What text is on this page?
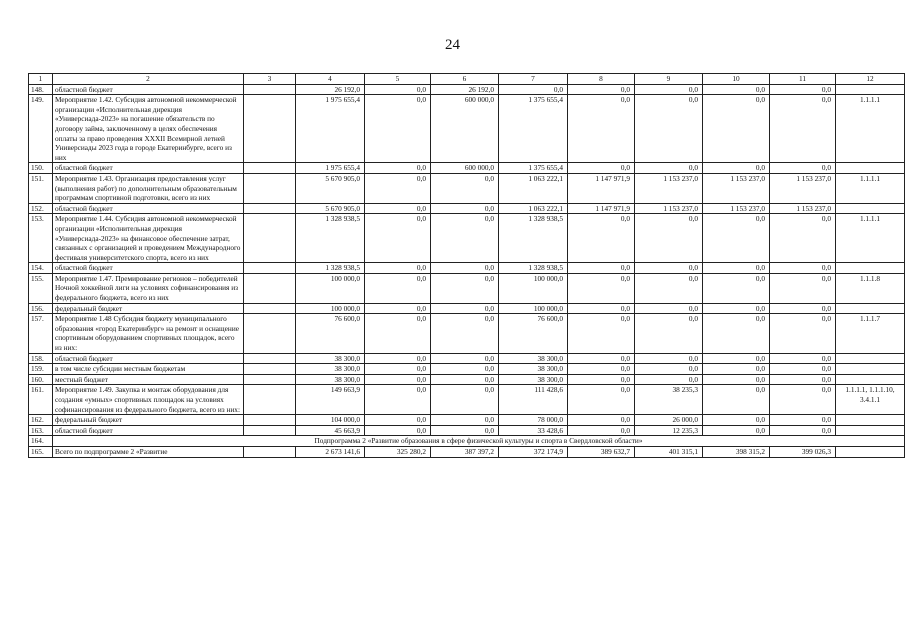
24
1	2	3	4	5	6	7	8	9	10	11	12
148.	областной бюджет		26 192,0	0,0	26 192,0	0,0	0,0	0,0	0,0	0,0	
149.	Мероприятие 1.42. Субсидия автономной некоммерческой организации «Исполнительная дирекция «Универсиада-2023» на погашение обязательств по договору займа, заключенному в целях обеспечения оплаты за право проведения XXXII Всемирной летней Универсиады 2023 года в городе Екатеринбурге, всего из них		1 975 655,4	0,0	600 000,0	1 375 655,4	0,0	0,0	0,0	0,0	1.1.1.1
150.	областной бюджет		1 975 655,4	0,0	600 000,0	1 375 655,4	0,0	0,0	0,0	0,0	
151.	Мероприятие 1.43. Организация предоставления услуг (выполнения работ) по дополнительным образовательным программам спортивной подготовки, всего из них		5 670 905,0	0,0	0,0	1 063 222,1	1 147 971,9	1 153 237,0	1 153 237,0	1 153 237,0	1.1.1.1
152.	областной бюджет		5 670 905,0	0,0	0,0	1 063 222,1	1 147 971,9	1 153 237,0	1 153 237,0	1 153 237,0	
153.	Мероприятие 1.44. Субсидия автономной некоммерческой организации «Исполнительная дирекция «Универсиада-2023» на финансовое обеспечение затрат, связанных с организацией и проведением Международного фестиваля университетского спорта, всего из них		1 328 938,5	0,0	0,0	1 328 938,5	0,0	0,0	0,0	0,0	1.1.1.1
154.	областной бюджет		1 328 938,5	0,0	0,0	1 328 938,5	0,0	0,0	0,0	0,0	
155.	Мероприятие 1.47. Премирование регионов – победителей Ночной хоккейной лиги на условиях софинансирования из федерального бюджета, всего из них		100 000,0	0,0	0,0	100 000,0	0,0	0,0	0,0	0,0	1.1.1.8
156.	федеральный бюджет		100 000,0	0,0	0,0	100 000,0	0,0	0,0	0,0	0,0	
157.	Мероприятие 1.48 Субсидия бюджету муниципального образования «город Екатеринбург» на ремонт и оснащение спортивным оборудованием спортивных площадок, всего из них:		76 600,0	0,0	0,0	76 600,0	0,0	0,0	0,0	0,0	1.1.1.7
158.	областной бюджет		38 300,0	0,0	0,0	38 300,0	0,0	0,0	0,0	0,0	
159.	в том числе субсидии местным бюджетам		38 300,0	0,0	0,0	38 300,0	0,0	0,0	0,0	0,0	
160.	местный бюджет		38 300,0	0,0	0,0	38 300,0	0,0	0,0	0,0	0,0	
161.	Мероприятие 1.49. Закупка и монтаж оборудования для создания «умных» спортивных площадок на условиях софинансирования из федерального бюджета, всего из них:		149 663,9	0,0	0,0	111 428,6	0,0	38 235,3	0,0	0,0	1.1.1.1, 1.1.1.10, 3.4.1.1
162.	федеральный бюджет		104 000,0	0,0	0,0	78 000,0	0,0	26 000,0	0,0	0,0	
163.	областной бюджет		45 663,9	0,0	0,0	33 428,6	0,0	12 235,3	0,0	0,0	
164.	Подпрограмма 2 «Развитие образования в сфере физической культуры и спорта в Свердловской области»										
165.	Всего по подпрограмме 2 «Развитие		2 673 141,6	325 280,2	387 397,2	372 174,9	389 632,7	401 315,1	398 315,2	399 026,3	
